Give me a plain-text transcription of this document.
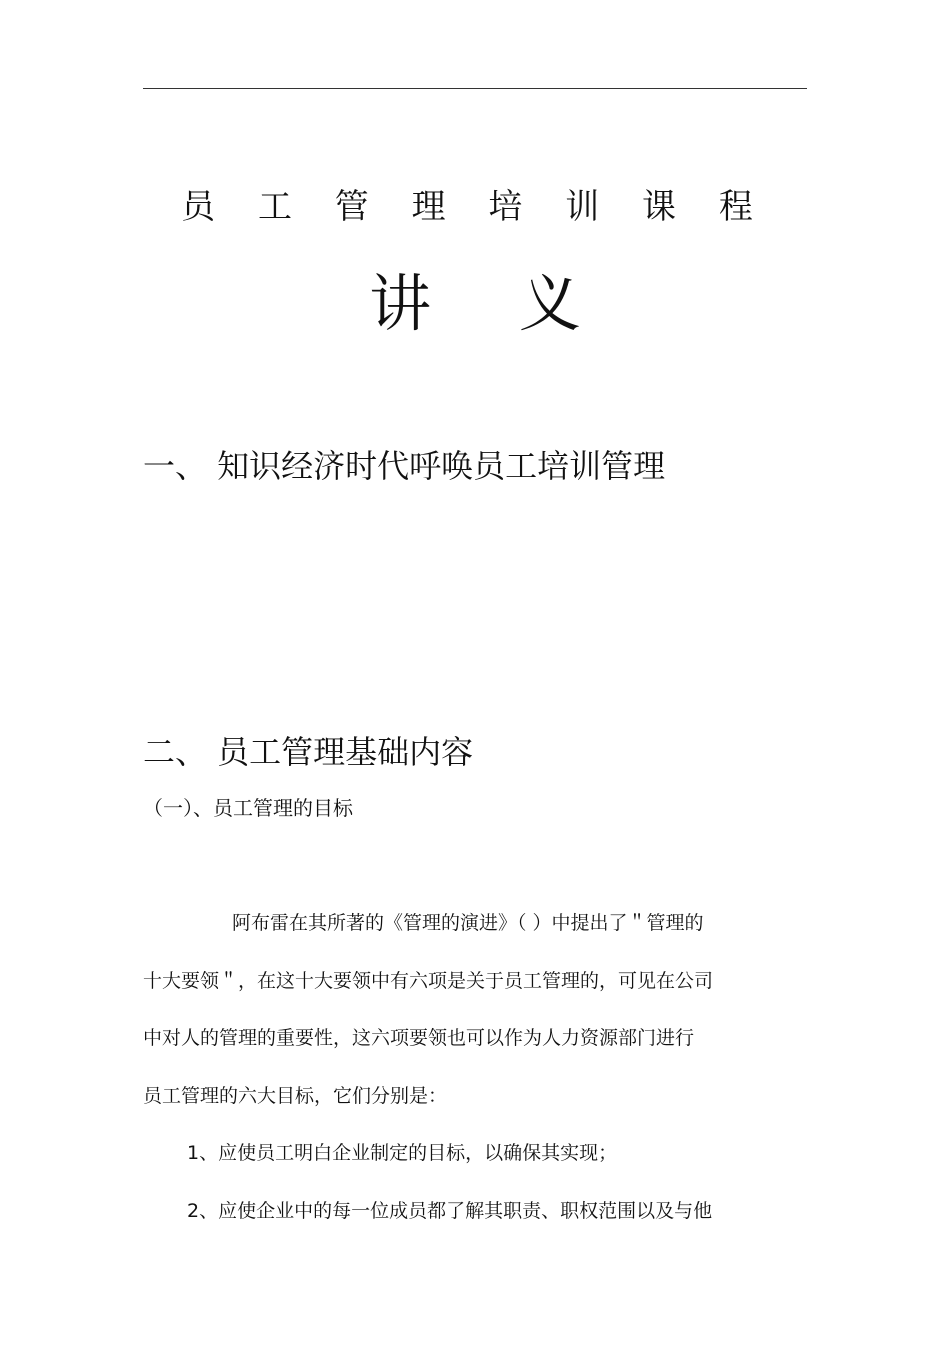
员 工 管 理 培 训 课 程
讲 义
一、 知识经济时代呼唤员工培训管理
二、 员工管理基础内容
（一）、员工管理的目标
阿布雷在其所著的《管理的演进》（ ）中提出了＂管理的
十大要领＂，在这十大要领中有六项是关于员工管理的，可见在公司
中对人的管理的重要性，这六项要领也可以作为人力资源部门进行
员工管理的六大目标，它们分别是：
1、应使员工明白企业制定的目标，以确保其实现；
2、应使企业中的每一位成员都了解其职责、职权范围以及与他
